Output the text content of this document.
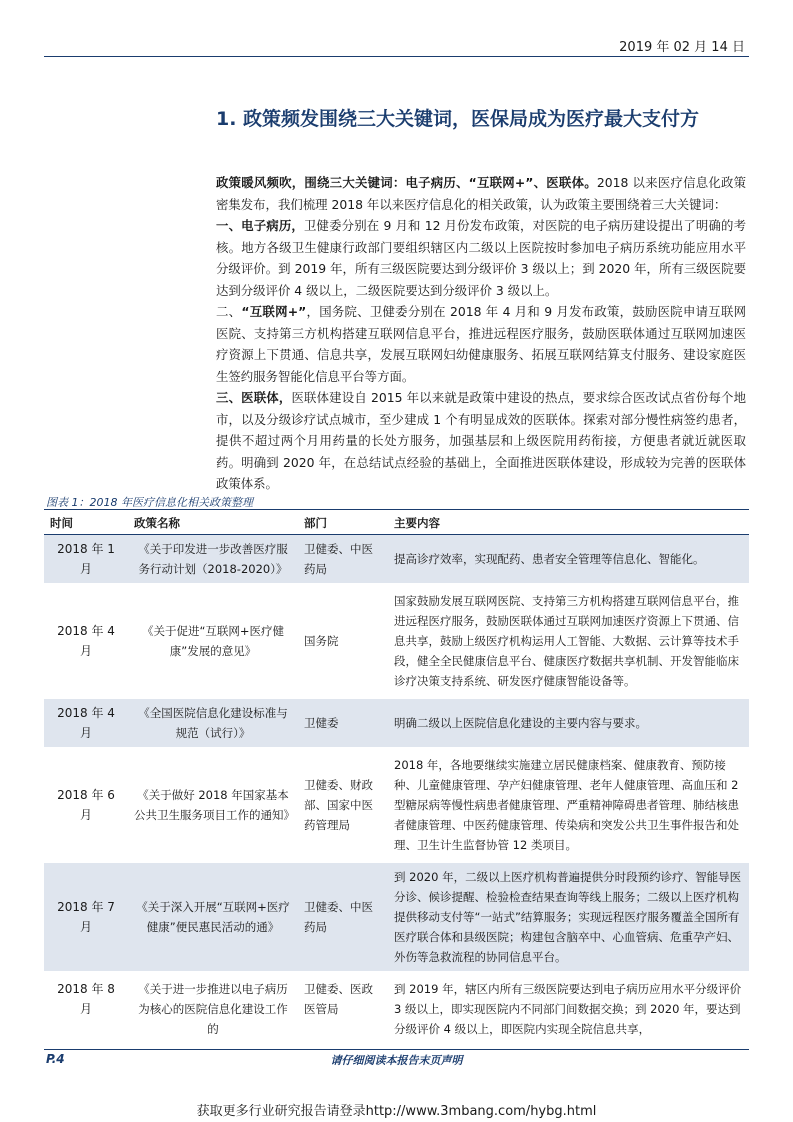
2019 年 02 月 14 日
1. 政策频发围绕三大关键词，医保局成为医疗最大支付方

政策暖风频吹，围绕三大关键词：电子病历、“互联网+”、医联体。2018 以来医疗信息化政策密集发布，我们梳理 2018 年以来医疗信息化的相关政策，认为政策主要围绕着三大关键词：

一、电子病历，卫健委分别在 9 月和 12 月份发布政策，对医院的电子病历建设提出了明确的考核。地方各级卫生健康行政部门要组织辖区内二级以上医院按时参加电子病历系统功能应用水平分级评价。到 2019 年，所有三级医院要达到分级评价 3 级以上；到 2020 年，所有三级医院要达到分级评价 4 级以上，二级医院要达到分级评价 3 级以上。

二、“互联网+”，国务院、卫健委分别在 2018 年 4 月和 9 月发布政策，鼓励医院申请互联网医院、支持第三方机构搭建互联网信息平台，推进远程医疗服务，鼓励医联体通过互联网加速医疗资源上下贯通、信息共享，发展互联网妇幼健康服务、拓展互联网结算支付服务、建设家庭医生签约服务智能化信息平台等方面。

三、医联体，医联体建设自 2015 年以来就是政策中建设的热点，要求综合医改试点省份每个地市，以及分级诊疗试点城市，至少建成 1 个有明显成效的医联体。探索对部分慢性病签约患者，提供不超过两个月用药量的长处方服务，加强基层和上级医院用药衔接，方便患者就近就医取药。明确到 2020 年，在总结试点经验的基础上，全面推进医联体建设，形成较为完善的医联体政策体系。

图表 1：2018 年医疗信息化相关政策整理
时间	政策名称	部门	主要内容
2018 年 1 月	《关于印发进一步改善医疗服务行动计划（2018-2020）》	卫健委、中医药局	提高诊疗效率，实现配药、患者安全管理等信息化、智能化。
2018 年 4 月	《关于促进“互联网+医疗健康”发展的意见》	国务院	国家鼓励发展互联网医院、支持第三方机构搭建互联网信息平台，推进远程医疗服务，鼓励医联体通过互联网加速医疗资源上下贯通、信息共享，鼓励上级医疗机构运用人工智能、大数据、云计算等技术手段，健全全民健康信息平台、健康医疗数据共享机制、开发智能临床诊疗决策支持系统、研发医疗健康智能设备等。
2018 年 4 月	《全国医院信息化建设标准与规范（试行）》	卫健委	明确二级以上医院信息化建设的主要内容与要求。
2018 年 6 月	《关于做好 2018 年国家基本公共卫生服务项目工作的通知》	卫健委、财政部、国家中医药管理局	2018 年，各地要继续实施建立居民健康档案、健康教育、预防接种、儿童健康管理、孕产妇健康管理、老年人健康管理、高血压和 2 型糖尿病等慢性病患者健康管理、严重精神障碍患者管理、肺结核患者健康管理、中医药健康管理、传染病和突发公共卫生事件报告和处理、卫生计生监督协管 12 类项目。
2018 年 7 月	《关于深入开展“互联网+医疗健康”便民惠民活动的通》	卫健委、中医药局	到 2020 年，二级以上医疗机构普遍提供分时段预约诊疗、智能导医分诊、候诊提醒、检验检查结果查询等线上服务；二级以上医疗机构提供移动支付等“一站式”结算服务；实现远程医疗服务覆盖全国所有医疗联合体和县级医院；构建包含脑卒中、心血管病、危重孕产妇、外伤等急救流程的协同信息平台。
2018 年 8 月	《关于进一步推进以电子病历为核心的医院信息化建设工作的	卫健委、医政医管局	到 2019 年，辖区内所有三级医院要达到电子病历应用水平分级评价 3 级以上，即实现医院内不同部门间数据交换；到 2020 年，要达到分级评价 4 级以上，即医院内实现全院信息共享，
P.4	请仔细阅读本报告末页声明
获取更多行业研究报告请登录http://www.3mbang.com/hybg.html
